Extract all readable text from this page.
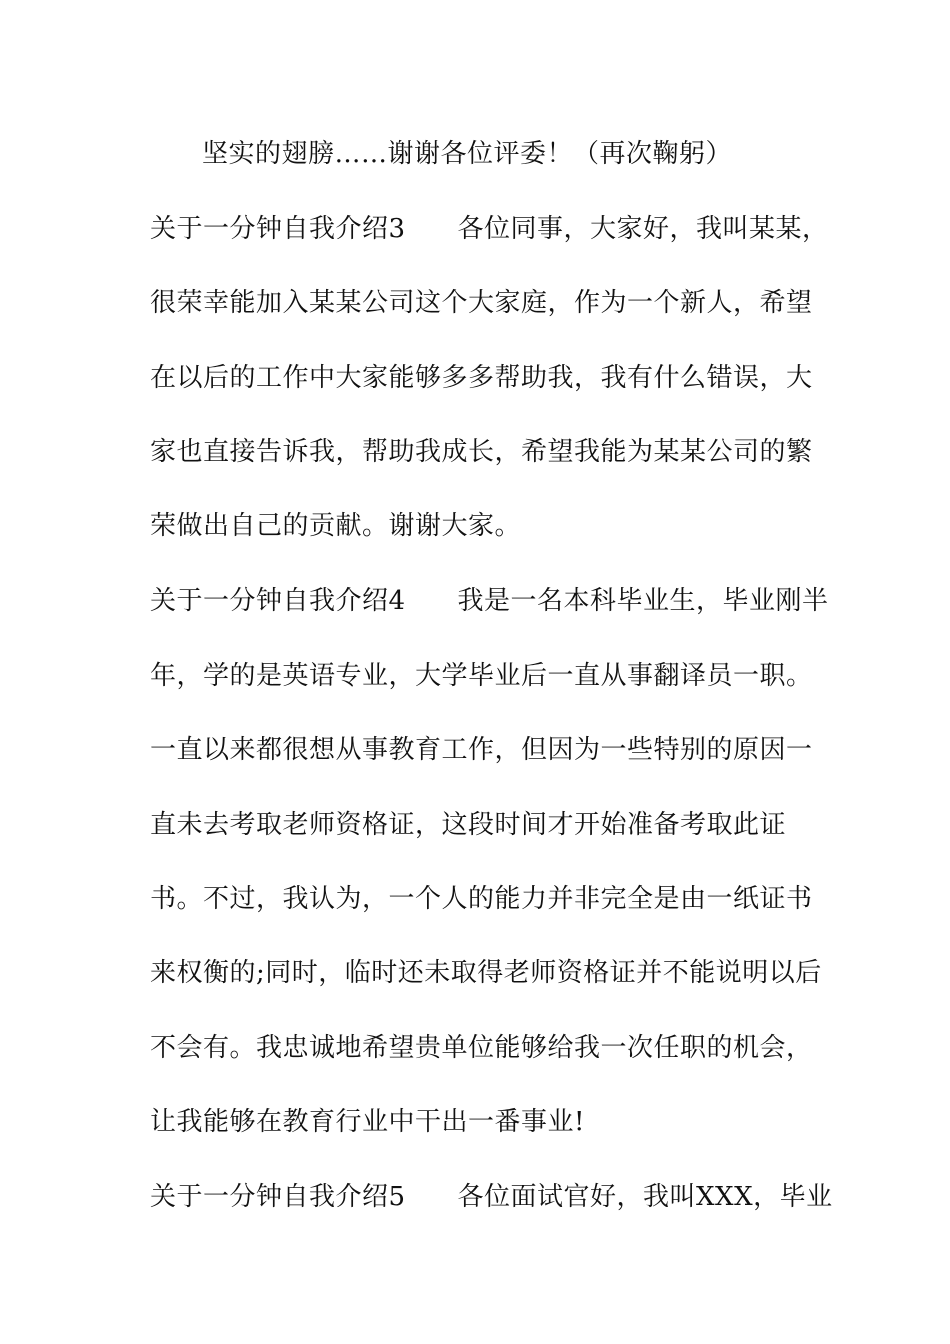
坚实的翅膀……谢谢各位评委！（再次鞠躬）
关于一分钟自我介绍3 各位同事，大家好，我叫某某，
很荣幸能加入某某公司这个大家庭，作为一个新人，希望
在以后的工作中大家能够多多帮助我，我有什么错误，大
家也直接告诉我，帮助我成长，希望我能为某某公司的繁
荣做出自己的贡献。谢谢大家。
关于一分钟自我介绍4 我是一名本科毕业生，毕业刚半
年，学的是英语专业，大学毕业后一直从事翻译员一职。
一直以来都很想从事教育工作，但因为一些特别的原因一
直未去考取老师资格证，这段时间才开始准备考取此证
书。不过，我认为，一个人的能力并非完全是由一纸证书
来权衡的;同时，临时还未取得老师资格证并不能说明以后
不会有。我忠诚地希望贵单位能够给我一次任职的机会，
让我能够在教育行业中干出一番事业!
关于一分钟自我介绍5 各位面试官好，我叫XXX，毕业
